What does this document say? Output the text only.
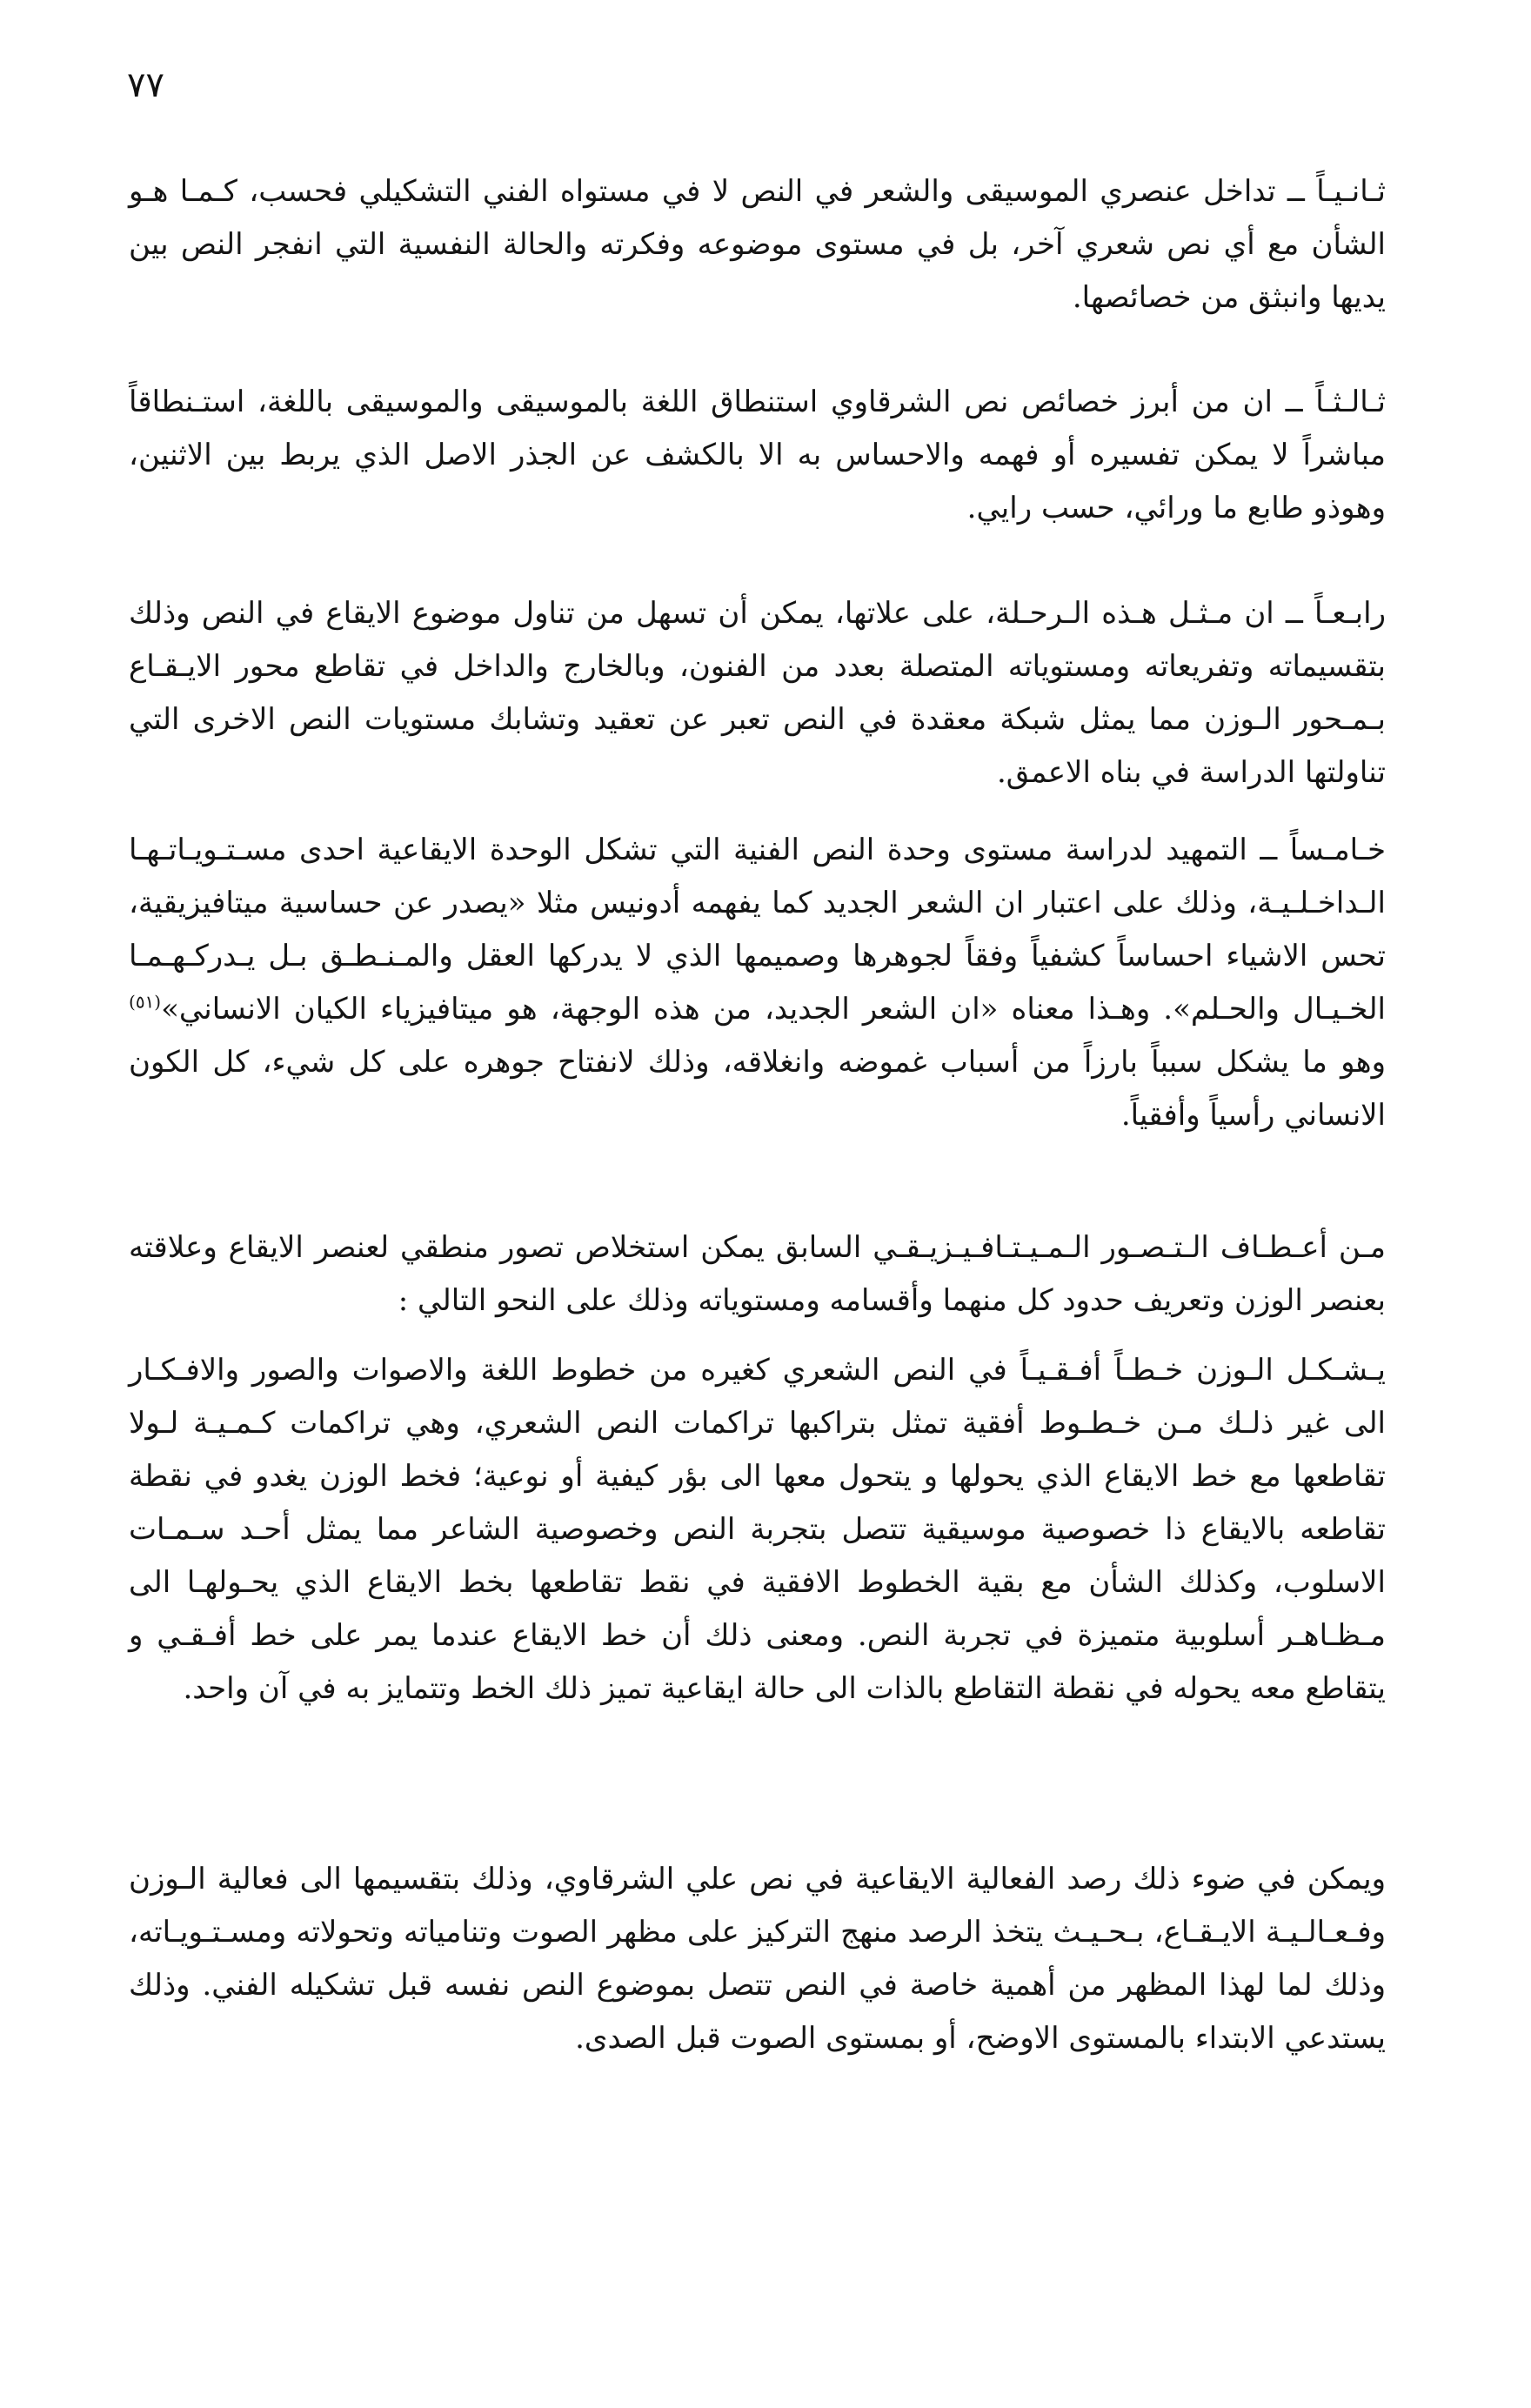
٧٧

ثـانـيـاً ــ تداخل عنصري الموسيقى والشعر في النص لا في مستواه الفني التشكيلي فحسب، كـمـا هـو الشأن مع أي نص شعري آخر، بل في مستوى موضوعه وفكرته والحالة النفسية التي انفجر النص بين يديها وانبثق من خصائصها.

ثـالـثـاً ــ ان من أبرز خصائص نص الشرقاوي استنطاق اللغة بالموسيقى والموسيقى باللغة، استـنطاقاً مباشراً لا يمكن تفسيره أو فهمه والاحساس به الا بالكشف عن الجذر الاصل الذي يربط بين الاثنين، وهوذو طابع ما ورائي، حسب رايي.

رابـعـاً ــ ان مـثـل هـذه الـرحـلة، على علاتها، يمكن أن تسهل من تناول موضوع الايقاع في النص وذلك بتقسيماته وتفريعاته ومستوياته المتصلة بعدد من الفنون، وبالخارج والداخل في تقاطع محور الايـقـاع بـمـحور الـوزن مما يمثل شبكة معقدة في النص تعبر عن تعقيد وتشابك مستويات النص الاخرى التي تناولتها الدراسة في بناه الاعمق.

خـامـساً ــ التمهيد لدراسة مستوى وحدة النص الفنية التي تشكل الوحدة الايقاعية احدى مسـتـويـاتـهـا الـداخـلـيـة، وذلك على اعتبار ان الشعر الجديد كما يفهمه أدونيس مثلا «يصدر عن حساسية ميتافيزيقية، تحس الاشياء احساساً كشفياً وفقاً لجوهرها وصميمها الذي لا يدركها العقل والمـنـطـق بـل يـدركـهـمـا الخـيـال والحـلم». وهـذا معناه «ان الشعر الجديد، من هذه الوجهة، هو ميتافيزياء الكيان الانساني»$^{(٥١)}$ وهو ما يشكل سبباً بارزاً من أسباب غموضه وانغلاقه، وذلك لانفتاح جوهره على كل شيء، كل الكون الانساني رأسياً وأفقياً.

مـن أعـطـاف الـتـصـور الـمـيـتـافـيـزيـقـي السابق يمكن استخلاص تصور منطقي لعنصر الايقاع وعلاقته بعنصر الوزن وتعريف حدود كل منهما وأقسامه ومستوياته وذلك على النحو التالي :

يـشـكـل الـوزن خـطـاً أفـقـيـاً في النص الشعري كغيره من خطوط اللغة والاصوات والصور والافـكـار الى غير ذلـك مـن خـطـوط أفقية تمثل بتراكبها تراكمات النص الشعري، وهي تراكمات كـمـيـة لـولا تقاطعها مع خط الايقاع الذي يحولها و يتحول معها الى بؤر كيفية أو نوعية؛ فخط الوزن يغدو في نقطة تقاطعه بالايقاع ذا خصوصية موسيقية تتصل بتجربة النص وخصوصية الشاعر مما يمثل أحـد سـمـات الاسلوب، وكذلك الشأن مع بقية الخطوط الافقية في نقط تقاطعها بخط الايقاع الذي يحـولهـا الى مـظـاهـر أسلوبية متميزة في تجربة النص. ومعنى ذلك أن خط الايقاع عندما يمر على خط أفـقـي و يتقاطع معه يحوله في نقطة التقاطع بالذات الى حالة ايقاعية تميز ذلك الخط وتتمايز به في آن واحد.

ويمكن في ضوء ذلك رصد الفعالية الايقاعية في نص علي الشرقاوي، وذلك بتقسيمها الى فعالية الـوزن وفـعـالـيـة الايـقـاع، بـحـيـث يتخذ الرصد منهج التركيز على مظهر الصوت وتنامياته وتحولاته ومسـتـويـاته، وذلك لما لهذا المظهر من أهمية خاصة في النص تتصل بموضوع النص نفسه قبل تشكيله الفني. وذلك يستدعي الابتداء بالمستوى الاوضح، أو بمستوى الصوت قبل الصدى.
